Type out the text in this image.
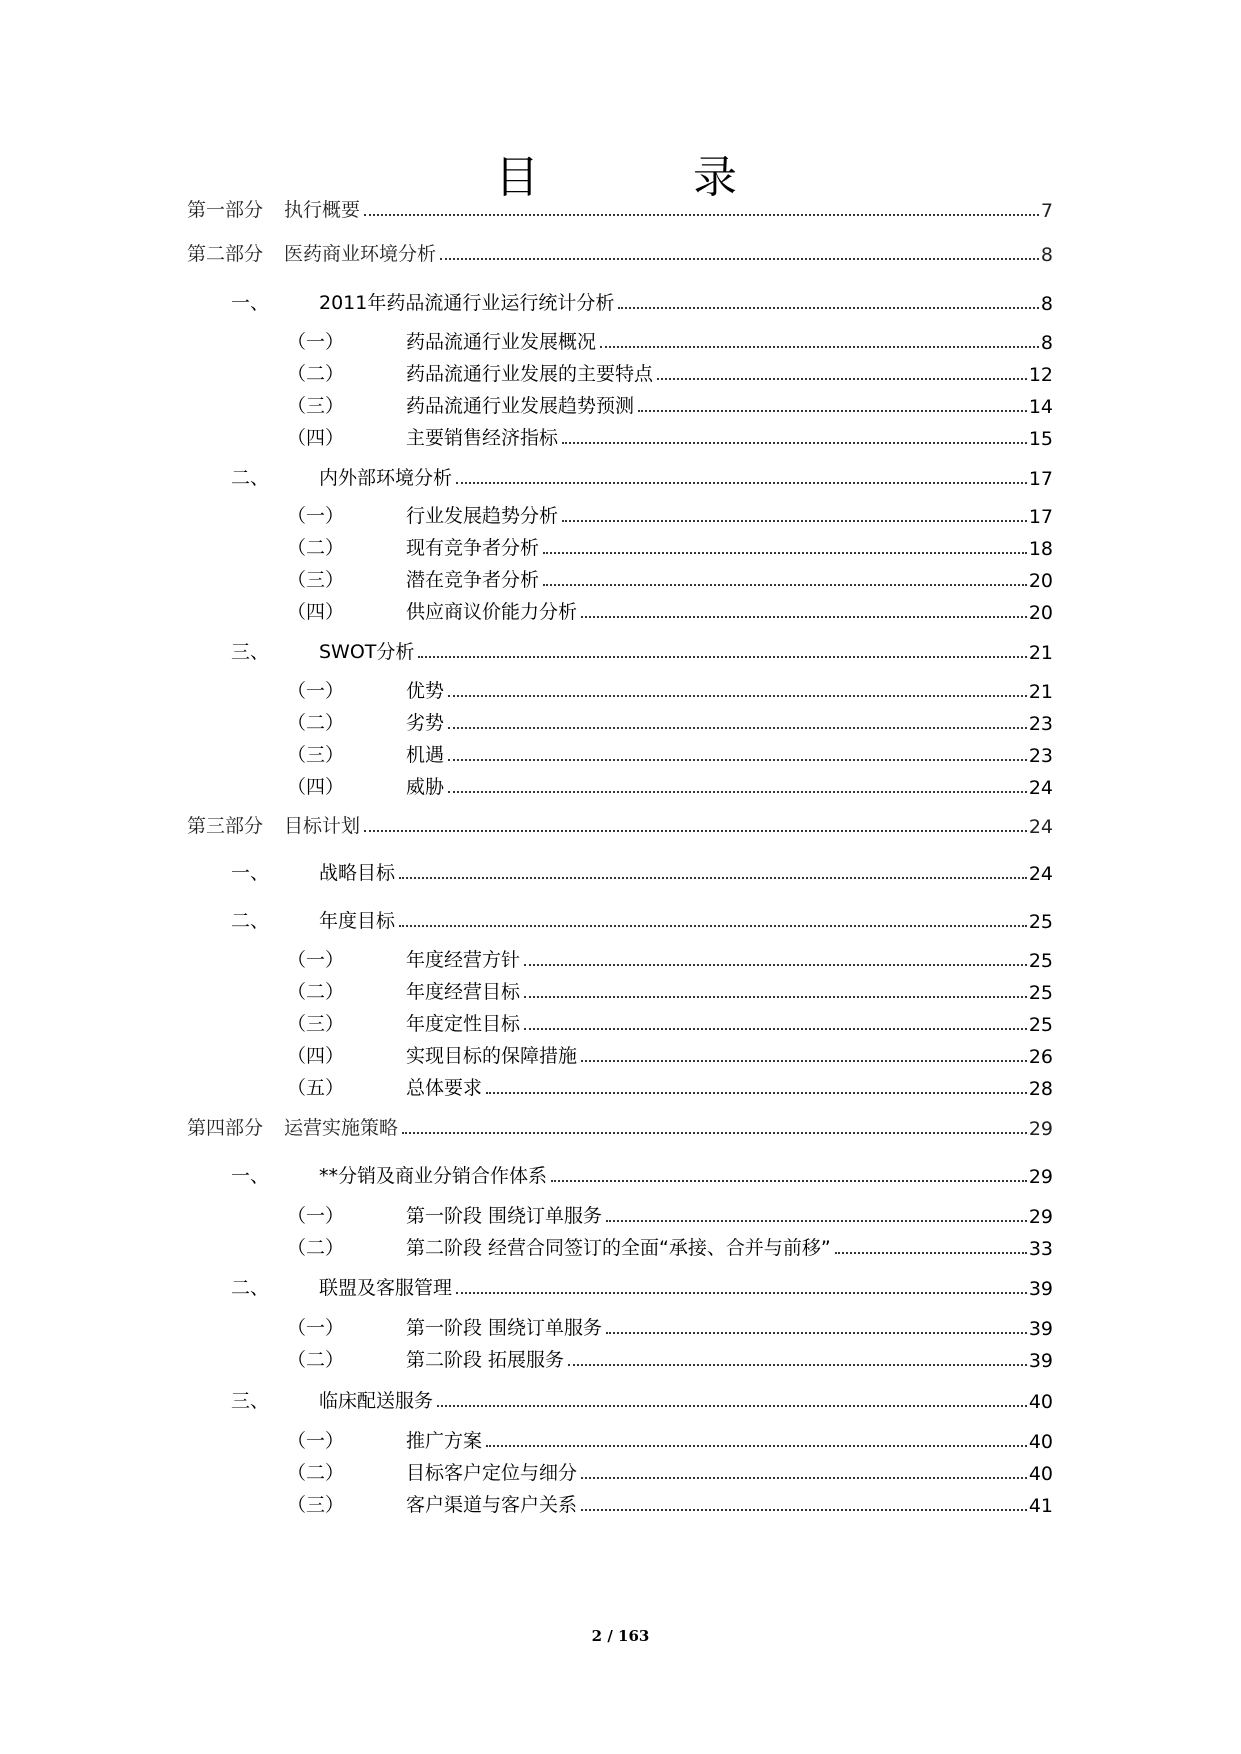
目	录
第一部分	执行概要	7
第二部分	医药商业环境分析	8
一、	2011年药品流通行业运行统计分析	8
（一）	药品流通行业发展概况	8
（二）	药品流通行业发展的主要特点	12
（三）	药品流通行业发展趋势预测	14
（四）	主要销售经济指标	15
二、	内外部环境分析	17
（一）	行业发展趋势分析	17
（二）	现有竞争者分析	18
（三）	潜在竞争者分析	20
（四）	供应商议价能力分析	20
三、	SWOT分析	21
（一）	优势	21
（二）	劣势	23
（三）	机遇	23
（四）	威胁	24
第三部分	目标计划	24
一、	战略目标	24
二、	年度目标	25
（一）	年度经营方针	25
（二）	年度经营目标	25
（三）	年度定性目标	25
（四）	实现目标的保障措施	26
（五）	总体要求	28
第四部分	运营实施策略	29
一、	**分销及商业分销合作体系	29
（一）	第一阶段 围绕订单服务	29
（二）	第二阶段 经营合同签订的全面“承接、合并与前移”	33
二、	联盟及客服管理	39
（一）	第一阶段 围绕订单服务	39
（二）	第二阶段 拓展服务	39
三、	临床配送服务	40
（一）	推广方案	40
（二）	目标客户定位与细分	40
（三）	客户渠道与客户关系	41
2 / 163
